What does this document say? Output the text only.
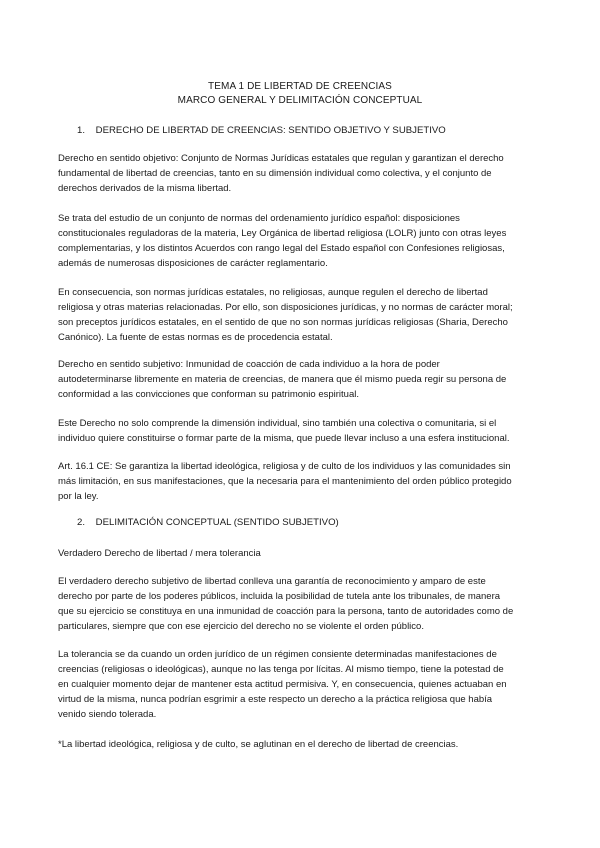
TEMA 1 DE LIBERTAD DE CREENCIAS
MARCO GENERAL Y DELIMITACIÓN CONCEPTUAL
1. DERECHO DE LIBERTAD DE CREENCIAS: SENTIDO OBJETIVO Y SUBJETIVO
Derecho en sentido objetivo: Conjunto de Normas Jurídicas estatales que regulan y garantizan el derecho
fundamental de libertad de creencias, tanto en su dimensión individual como colectiva, y el conjunto de
derechos derivados de la misma libertad.
Se trata del estudio de un conjunto de normas del ordenamiento jurídico español: disposiciones
constitucionales reguladoras de la materia, Ley Orgánica de libertad religiosa (LOLR) junto con otras leyes
complementarias, y los distintos Acuerdos con rango legal del Estado español con Confesiones religiosas,
además de numerosas disposiciones de carácter reglamentario.
En consecuencia, son normas jurídicas estatales, no religiosas, aunque regulen el derecho de libertad
religiosa y otras materias relacionadas. Por ello, son disposiciones jurídicas, y no normas de carácter moral;
son preceptos jurídicos estatales, en el sentido de que no son normas jurídicas religiosas (Sharia, Derecho
Canónico). La fuente de estas normas es de procedencia estatal.
Derecho en sentido subjetivo: Inmunidad de coacción de cada individuo a la hora de poder
autodeterminarse libremente en materia de creencias, de manera que él mismo pueda regir su persona de
conformidad a las convicciones que conforman su patrimonio espiritual.
Este Derecho no solo comprende la dimensión individual, sino también una colectiva o comunitaria, si el
individuo quiere constituirse o formar parte de la misma, que puede llevar incluso a una esfera institucional.
Art. 16.1 CE: Se garantiza la libertad ideológica, religiosa y de culto de los individuos y las comunidades sin
más limitación, en sus manifestaciones, que la necesaria para el mantenimiento del orden público protegido
por la ley.
2. DELIMITACIÓN CONCEPTUAL (SENTIDO SUBJETIVO)
Verdadero Derecho de libertad / mera tolerancia
El verdadero derecho subjetivo de libertad conlleva una garantía de reconocimiento y amparo de este
derecho por parte de los poderes públicos, incluida la posibilidad de tutela ante los tribunales, de manera
que su ejercicio se constituya en una inmunidad de coacción para la persona, tanto de autoridades como de
particulares, siempre que con ese ejercicio del derecho no se violente el orden público.
La tolerancia se da cuando un orden jurídico de un régimen consiente determinadas manifestaciones de
creencias (religiosas o ideológicas), aunque no las tenga por lícitas. Al mismo tiempo, tiene la potestad de
en cualquier momento dejar de mantener esta actitud permisiva. Y, en consecuencia, quienes actuaban en
virtud de la misma, nunca podrían esgrimir a este respecto un derecho a la práctica religiosa que había
venido siendo tolerada.
*La libertad ideológica, religiosa y de culto, se aglutinan en el derecho de libertad de creencias.
